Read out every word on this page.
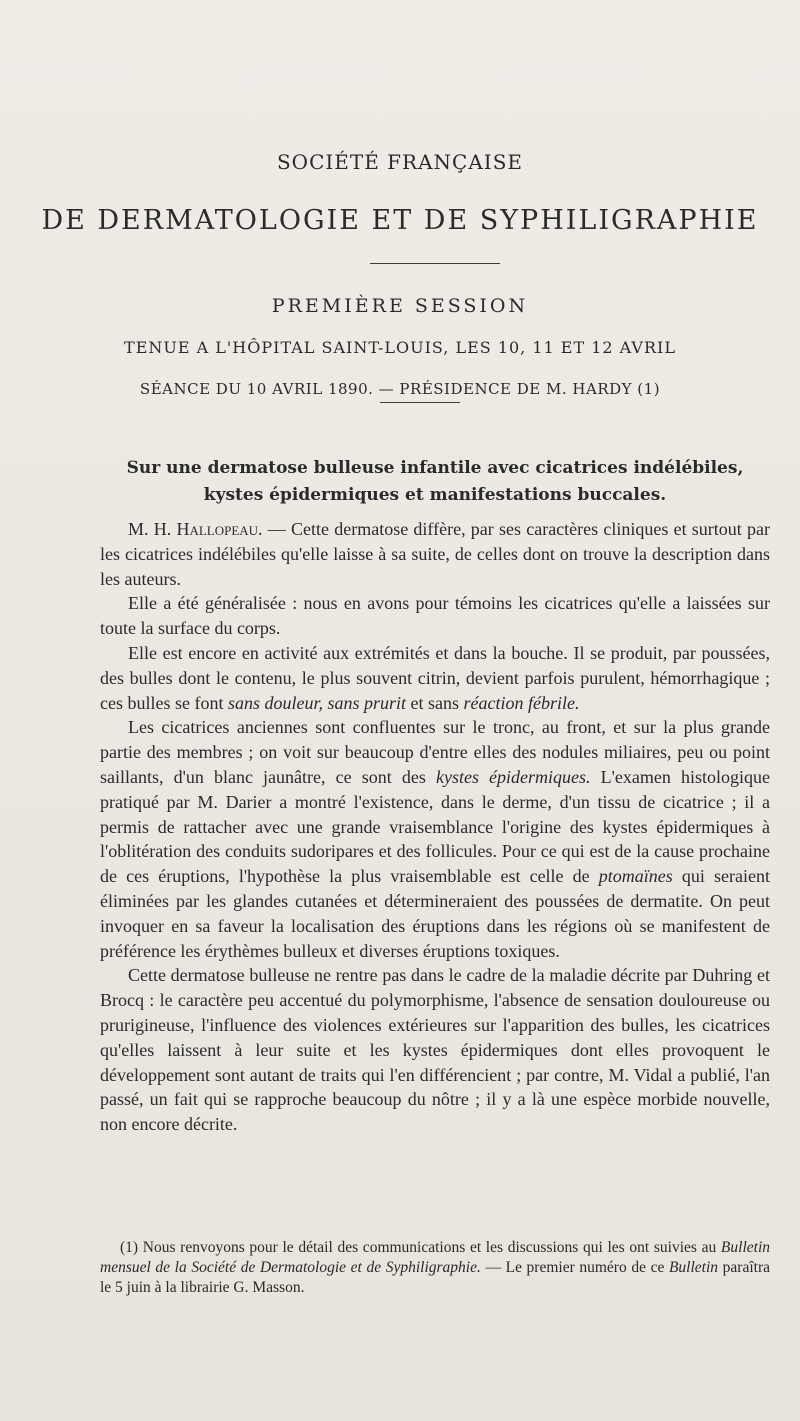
SOCIÉTÉ FRANÇAISE
DE DERMATOLOGIE ET DE SYPHILIGRAPHIE
PREMIÈRE SESSION
TENUE A L'HÔPITAL SAINT-LOUIS, LES 10, 11 ET 12 AVRIL
SÉANCE DU 10 AVRIL 1890. — PRÉSIDENCE DE M. HARDY (1)
Sur une dermatose bulleuse infantile avec cicatrices indélébiles, kystes épidermiques et manifestations buccales.

M. H. Hallopeau. — Cette dermatose diffère, par ses caractères cliniques et surtout par les cicatrices indélébiles qu'elle laisse à sa suite, de celles dont on trouve la description dans les auteurs.

Elle a été généralisée : nous en avons pour témoins les cicatrices qu'elle a laissées sur toute la surface du corps.

Elle est encore en activité aux extrémités et dans la bouche. Il se produit, par poussées, des bulles dont le contenu, le plus souvent citrin, devient parfois purulent, hémorrhagique ; ces bulles se font sans douleur, sans prurit et sans réaction fébrile.

Les cicatrices anciennes sont confluentes sur le tronc, au front, et sur la plus grande partie des membres ; on voit sur beaucoup d'entre elles des nodules miliaires, peu ou point saillants, d'un blanc jaunâtre, ce sont des kystes épidermiques. L'examen histologique pratiqué par M. Darier a montré l'existence, dans le derme, d'un tissu de cicatrice ; il a permis de rattacher avec une grande vraisemblance l'origine des kystes épidermiques à l'oblitération des conduits sudoripares et des follicules. Pour ce qui est de la cause prochaine de ces éruptions, l'hypothèse la plus vraisemblable est celle de ptomaïnes qui seraient éliminées par les glandes cutanées et détermineraient des poussées de dermatite. On peut invoquer en sa faveur la localisation des éruptions dans les régions où se manifestent de préférence les érythèmes bulleux et diverses éruptions toxiques.

Cette dermatose bulleuse ne rentre pas dans le cadre de la maladie décrite par Duhring et Brocq : le caractère peu accentué du polymorphisme, l'absence de sensation douloureuse ou prurigineuse, l'influence des violences extérieures sur l'apparition des bulles, les cicatrices qu'elles laissent à leur suite et les kystes épidermiques dont elles provoquent le développement sont autant de traits qui l'en différencient ; par contre, M. Vidal a publié, l'an passé, un fait qui se rapproche beaucoup du nôtre ; il y a là une espèce morbide nouvelle, non encore décrite.

(1) Nous renvoyons pour le détail des communications et les discussions qui les ont suivies au Bulletin mensuel de la Société de Dermatologie et de Syphiligraphie. — Le premier numéro de ce Bulletin paraîtra le 5 juin à la librairie G. Masson.
